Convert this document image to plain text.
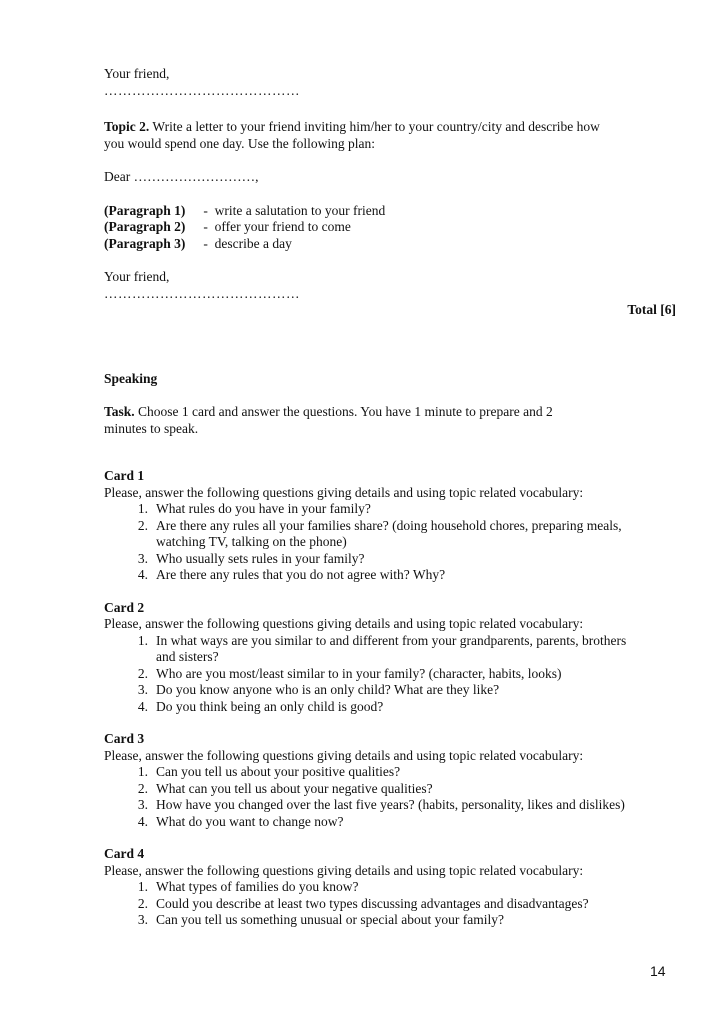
Your friend,
……………………………………
Topic 2. Write a letter to your friend inviting him/her to your country/city and describe how
you would spend one day. Use the following plan:
Dear ………………………,
(Paragraph 1)	-  write a salutation to your friend
(Paragraph 2)	-  offer your friend to come
(Paragraph 3)	-  describe a day
Your friend,
……………………………………
Total [6]
Speaking
Task. Choose 1 card and answer the questions. You have 1 minute to prepare and 2
minutes to speak.
Card 1
Please, answer the following questions giving details and using topic related vocabulary:
1. What rules do you have in your family?
2. Are there any rules all your families share? (doing household chores, preparing meals,
watching TV, talking on the phone)
3. Who usually sets rules in your family?
4. Are there any rules that you do not agree with? Why?
Card 2
Please, answer the following questions giving details and using topic related vocabulary:
1. In what ways are you similar to and different from your grandparents, parents, brothers
and sisters?
2. Who are you most/least similar to in your family? (character, habits, looks)
3. Do you know anyone who is an only child? What are they like?
4. Do you think being an only child is good?
Card 3
Please, answer the following questions giving details and using topic related vocabulary:
1. Can you tell us about your positive qualities?
2. What can you tell us about your negative qualities?
3. How have you changed over the last five years? (habits, personality, likes and dislikes)
4. What do you want to change now?
Card 4
Please, answer the following questions giving details and using topic related vocabulary:
1. What types of families do you know?
2. Could you describe at least two types discussing advantages and disadvantages?
3. Can you tell us something unusual or special about your family?
14
